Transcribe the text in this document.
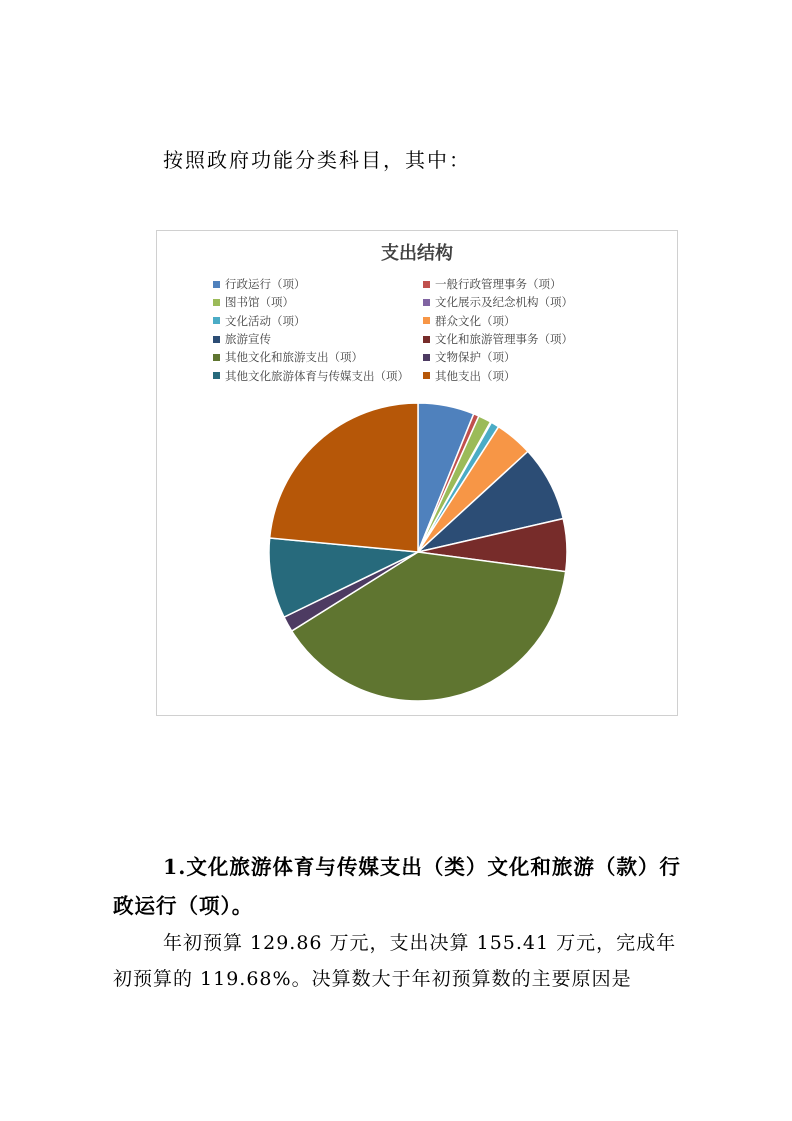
按照政府功能分类科目，其中：
支出结构
行政运行（项）	一般行政管理事务（项）
图书馆（项）	文化展示及纪念机构（项）
文化活动（项）	群众文化（项）
旅游宣传	文化和旅游管理事务（项）
其他文化和旅游支出（项）	文物保护（项）
其他文化旅游体育与传媒支出（项） 其他支出（项）
1.文化旅游体育与传媒支出（类）文化和旅游（款）行
政运行（项）。
年初预算 129.86 万元，支出决算 155.41 万元，完成年
初预算的 119.68%。决算数大于年初预算数的主要原因是
